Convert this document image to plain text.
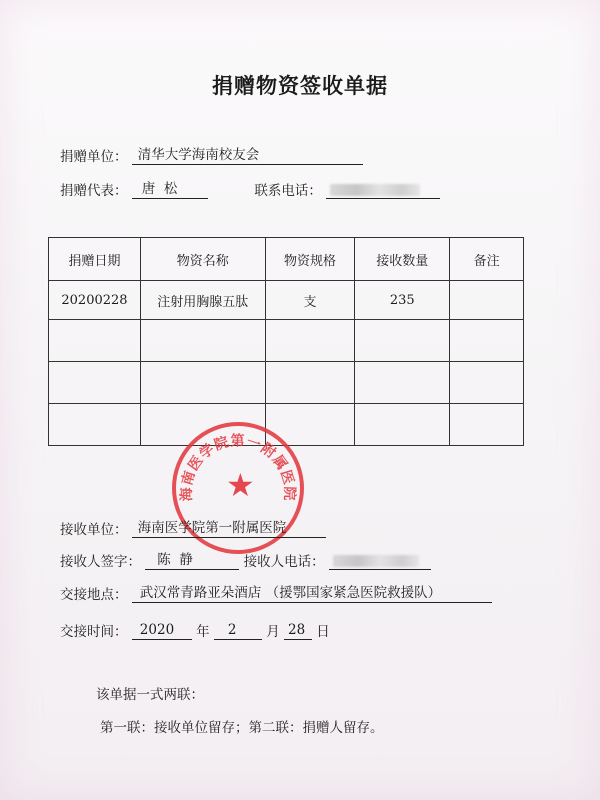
捐赠物资签收单据
捐赠单位： 清华大学海南校友会
捐赠代表： 唐  松	联系电话：
捐赠日期	物资名称	物资规格	接收数量	备注
20200228	注射用胸腺五肽	支	235	

海南医学院第一附属医院
★
接收单位： 海南医学院第一附属医院
接收人签字： 陈  静	接收人电话：
交接地点： 武汉常青路亚朵酒店 （援鄂国家紧急医院救援队）
交接时间： 2020 年 2 月 28 日
该单据一式两联：
第一联：接收单位留存；第二联：捐赠人留存。
